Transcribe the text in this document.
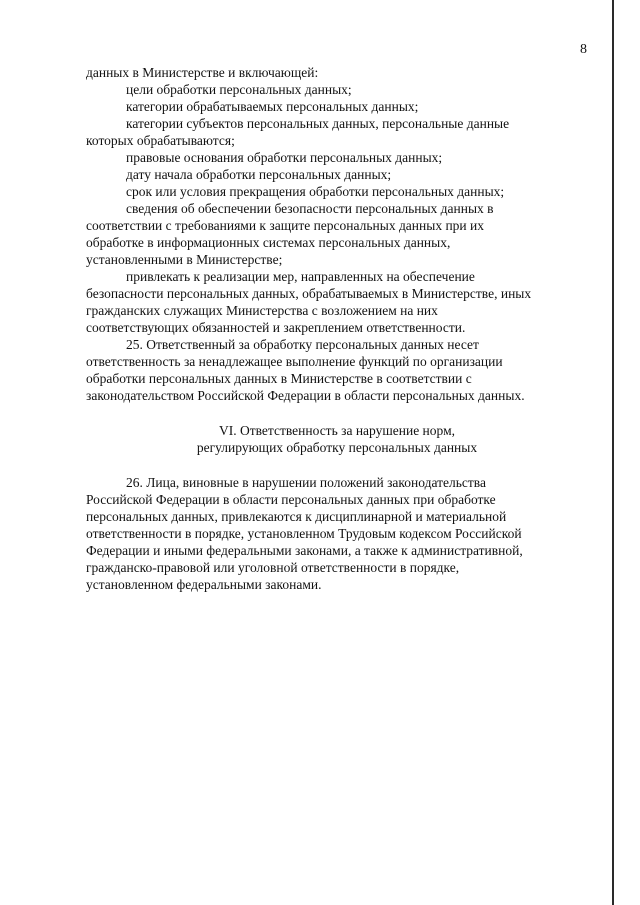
8
данных в Министерстве и включающей:
цели обработки персональных данных;
категории обрабатываемых персональных данных;
категории субъектов персональных данных, персональные данные
которых обрабатываются;
правовые основания обработки персональных данных;
дату начала обработки персональных данных;
срок или условия прекращения обработки персональных данных;
сведения об обеспечении безопасности персональных данных в
соответствии с требованиями к защите персональных данных при их
обработке в информационных системах персональных данных,
установленными в Министерстве;
привлекать к реализации мер, направленных на обеспечение
безопасности персональных данных, обрабатываемых в Министерстве, иных
гражданских служащих Министерства с возложением на них
соответствующих обязанностей и закреплением ответственности.
25. Ответственный за обработку персональных данных несет
ответственность за ненадлежащее выполнение функций по организации
обработки персональных данных в Министерстве в соответствии с
законодательством Российской Федерации в области персональных данных.
VI. Ответственность за нарушение норм,
регулирующих обработку персональных данных
26. Лица, виновные в нарушении положений законодательства
Российской Федерации в области персональных данных при обработке
персональных данных, привлекаются к дисциплинарной и материальной
ответственности в порядке, установленном Трудовым кодексом Российской
Федерации и иными федеральными законами, а также к административной,
гражданско-правовой или уголовной ответственности в порядке,
установленном федеральными законами.
